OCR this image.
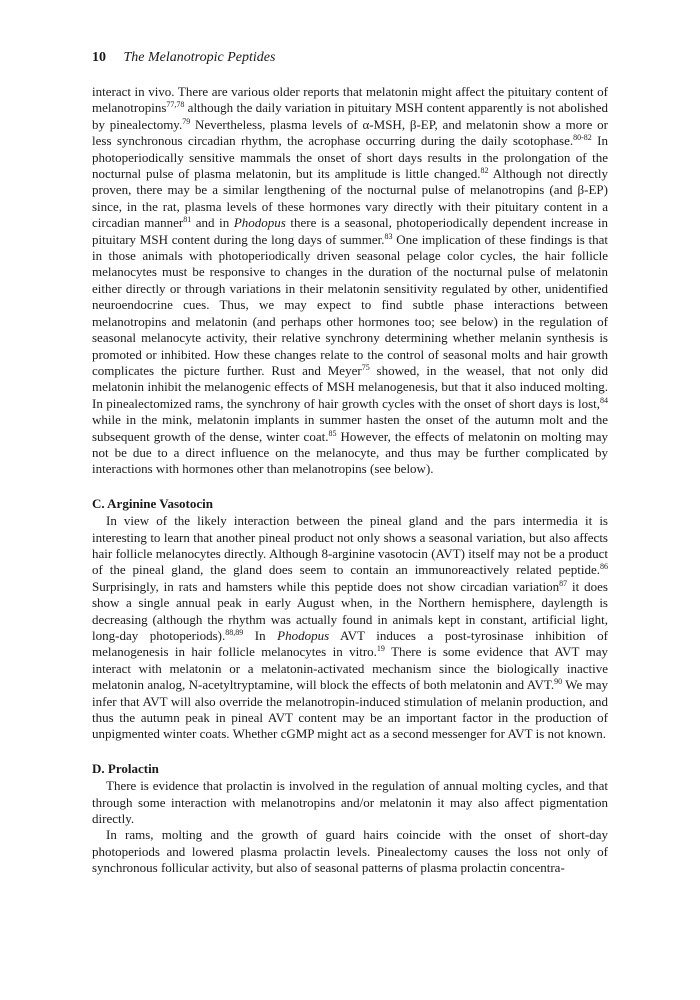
10 The Melanotropic Peptides

interact in vivo. There are various older reports that melatonin might affect the pituitary content of melanotropins$^{77,78}$ although the daily variation in pituitary MSH content apparently is not abolished by pinealectomy.$^{79}$ Nevertheless, plasma levels of α-MSH, β-EP, and melatonin show a more or less synchronous circadian rhythm, the acrophase occurring during the daily scotophase.$^{80-82}$ In photoperiodically sensitive mammals the onset of short days results in the prolongation of the nocturnal pulse of plasma melatonin, but its amplitude is little changed.$^{82}$ Although not directly proven, there may be a similar lengthening of the nocturnal pulse of melanotropins (and β-EP) since, in the rat, plasma levels of these hormones vary directly with their pituitary content in a circadian manner$^{81}$ and in Phodopus there is a seasonal, photoperiodically dependent increase in pituitary MSH content during the long days of summer.$^{83}$ One implication of these findings is that in those animals with photoperiodically driven seasonal pelage color cycles, the hair follicle melanocytes must be responsive to changes in the duration of the nocturnal pulse of melatonin either directly or through variations in their melatonin sensitivity regulated by other, unidentified neuroendocrine cues. Thus, we may expect to find subtle phase interactions between melanotropins and melatonin (and perhaps other hormones too; see below) in the regulation of seasonal melanocyte activity, their relative synchrony determining whether melanin synthesis is promoted or inhibited. How these changes relate to the control of seasonal molts and hair growth complicates the picture further. Rust and Meyer$^{75}$ showed, in the weasel, that not only did melatonin inhibit the melanogenic effects of MSH melanogenesis, but that it also induced molting. In pinealectomized rams, the synchrony of hair growth cycles with the onset of short days is lost,$^{84}$ while in the mink, melatonin implants in summer hasten the onset of the autumn molt and the subsequent growth of the dense, winter coat.$^{85}$ However, the effects of melatonin on molting may not be due to a direct influence on the melanocyte, and thus may be further complicated by interactions with hormones other than melanotropins (see below).

C. Arginine Vasotocin

In view of the likely interaction between the pineal gland and the pars intermedia it is interesting to learn that another pineal product not only shows a seasonal variation, but also affects hair follicle melanocytes directly. Although 8-arginine vasotocin (AVT) itself may not be a product of the pineal gland, the gland does seem to contain an immunoreactively related peptide.$^{86}$ Surprisingly, in rats and hamsters while this peptide does not show circadian variation$^{87}$ it does show a single annual peak in early August when, in the Northern hemisphere, daylength is decreasing (although the rhythm was actually found in animals kept in constant, artificial light, long-day photoperiods).$^{88,89}$ In Phodopus AVT induces a post-tyrosinase inhibition of melanogenesis in hair follicle melanocytes in vitro.$^{19}$ There is some evidence that AVT may interact with melatonin or a melatonin-activated mechanism since the biologically inactive melatonin analog, N-acetyltryptamine, will block the effects of both melatonin and AVT.$^{90}$ We may infer that AVT will also override the melanotropin-induced stimulation of melanin production, and thus the autumn peak in pineal AVT content may be an important factor in the production of unpigmented winter coats. Whether cGMP might act as a second messenger for AVT is not known.

D. Prolactin

There is evidence that prolactin is involved in the regulation of annual molting cycles, and that through some interaction with melanotropins and/or melatonin it may also affect pigmentation directly.

In rams, molting and the growth of guard hairs coincide with the onset of short-day photoperiods and lowered plasma prolactin levels. Pinealectomy causes the loss not only of synchronous follicular activity, but also of seasonal patterns of plasma prolactin concentra-
